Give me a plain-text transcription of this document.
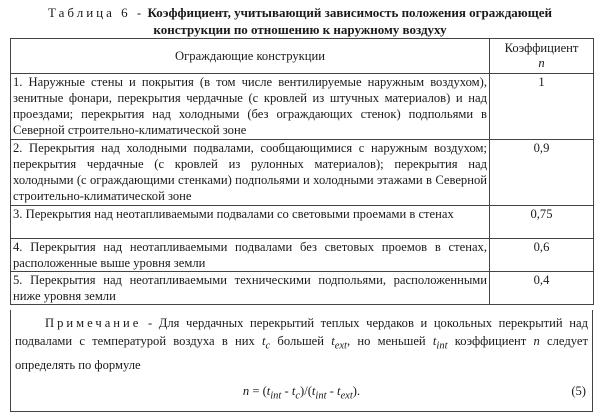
Таблица 6 - Коэффициент, учитывающий зависимость положения ограждающей конструкции по отношению к наружному воздуху
Ограждающие конструкции	Коэффициент
n
1. Наружные стены и покрытия (в том числе вентилируемые наружным воздухом), зенитные фонари, перекрытия чердачные (с кровлей из штучных материалов) и над проездами; перекрытия над холодными (без ограждающих стенок) подпольями в Северной строительно-климатической зоне	1
2. Перекрытия над холодными подвалами, сообщающимися с наружным воздухом; перекрытия чердачные (с кровлей из рулонных материалов); перекрытия над холодными (с ограждающими стенками) подпольями и холодными этажами в Северной строительно-климатической зоне	0,9
3. Перекрытия над неотапливаемыми подвалами со световыми проемами в стенах	0,75
4. Перекрытия над неотапливаемыми подвалами без световых проемов в стенах, расположенные выше уровня земли	0,6
5. Перекрытия над неотапливаемыми техническими подпольями, расположенными ниже уровня земли	0,4
Примечание - Для чердачных перекрытий теплых чердаков и цокольных перекрытий над подвалами с температурой воздуха в них $t_c$ большей $t_{ext}$, но меньшей $t_{int}$ коэффициент n следует определять по формуле
$n = (t_{int} - t_c)/(t_{int} - t_{ext})$.	(5)
